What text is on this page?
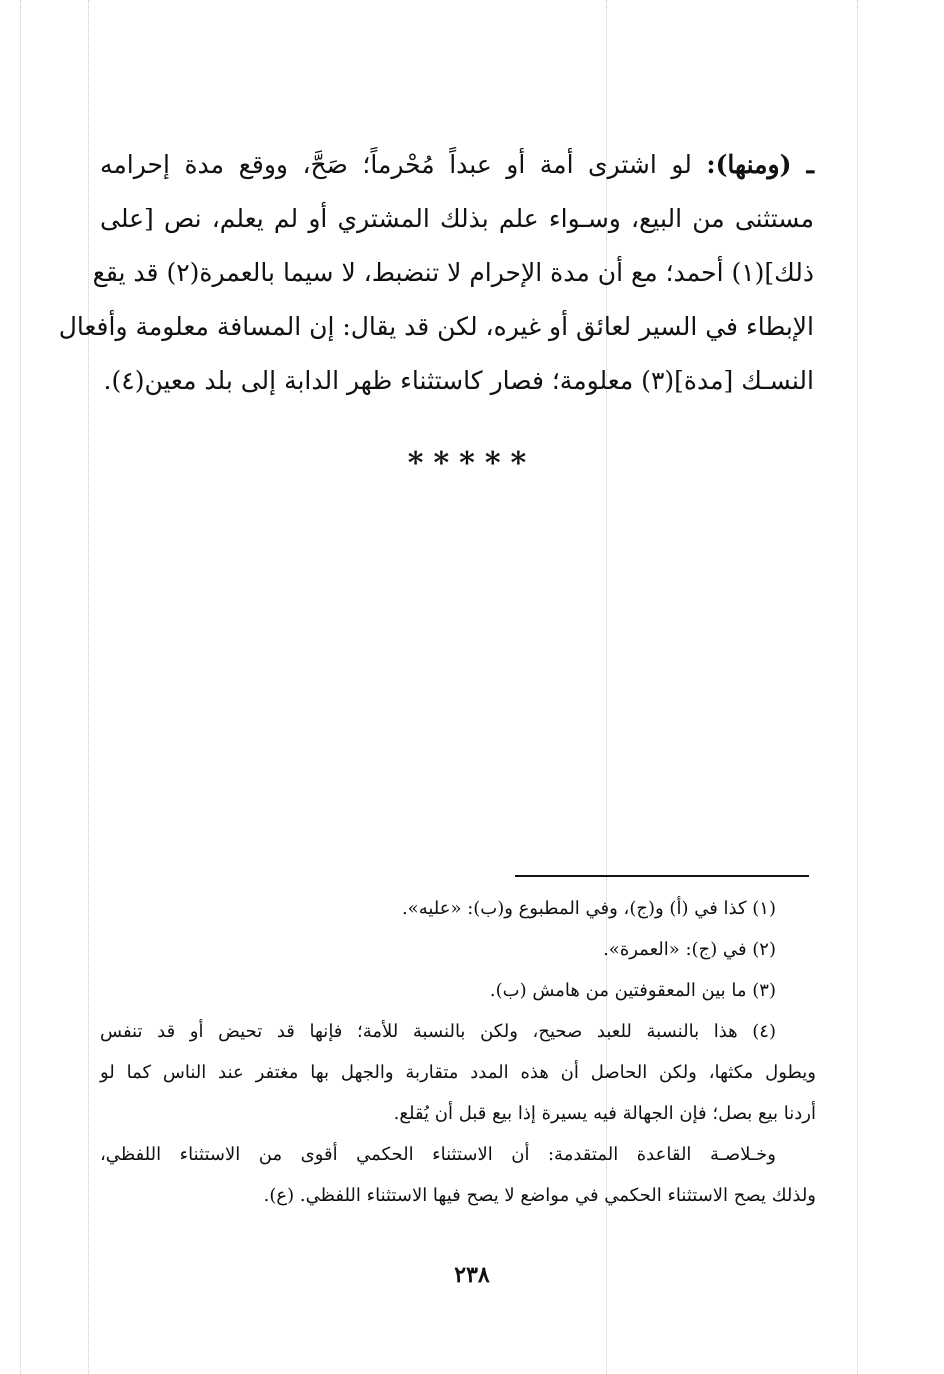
ـ (ومنها): لو اشترى أمة أو عبداً مُحْرماً؛ صَحَّ، ووقع مدة إحرامه
مستثنى من البيع، وسـواء علم بذلك المشتري أو لم يعلم، نص [على
ذلك](١) أحمد؛ مع أن مدة الإحرام لا تنضبط، لا سيما بالعمرة(٢) قد يقع
الإبطاء في السير لعائق أو غيره، لكن قد يقال: إن المسافة معلومة وأفعال
النسـك [مدة](٣) معلومة؛ فصار كاستثناء ظهر الدابة إلى بلد معين(٤).
*****
(١) كذا في (أ) و(ج)، وفي المطبوع و(ب): «عليه».
(٢) في (ج): «العمرة».
(٣) ما بين المعقوفتين من هامش (ب).
(٤) هذا بالنسبة للعبد صحيح، ولكن بالنسبة للأمة؛ فإنها قد تحيض أو قد تنفس
ويطول مكثها، ولكن الحاصل أن هذه المدد متقاربة والجهل بها مغتفر عند الناس كما لو
أردنا بيع بصل؛ فإن الجهالة فيه يسيرة إذا بيع قبل أن يُقلع.
وخـلاصـة القاعدة المتقدمة: أن الاستثناء الحكمي أقوى من الاستثناء اللفظي،
ولذلك يصح الاستثناء الحكمي في مواضع لا يصح فيها الاستثناء اللفظي. (ع).
٢٣٨
